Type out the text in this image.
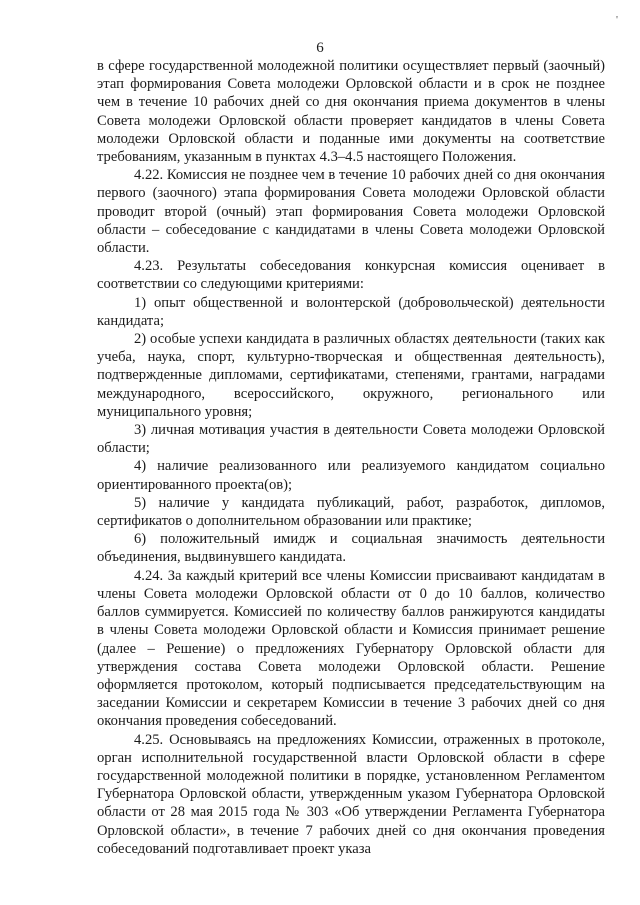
'
6

в сфере государственной молодежной политики осуществляет первый (заочный) этап формирования Совета молодежи Орловской области и в срок не позднее чем в течение 10 рабочих дней со дня окончания приема документов в члены Совета молодежи Орловской области проверяет кандидатов в члены Совета молодежи Орловской области и поданные ими документы на соответствие требованиям, указанным в пунктах 4.3–4.5 настоящего Положения.

4.22. Комиссия не позднее чем в течение 10 рабочих дней со дня окончания первого (заочного) этапа формирования Совета молодежи Орловской области проводит второй (очный) этап формирования Совета молодежи Орловской области – собеседование с кандидатами в члены Совета молодежи Орловской области.

4.23. Результаты собеседования конкурсная комиссия оценивает в соответствии со следующими критериями:

1) опыт общественной и волонтерской (добровольческой) деятельности кандидата;

2) особые успехи кандидата в различных областях деятельности (таких как учеба, наука, спорт, культурно-творческая и общественная деятельность), подтвержденные дипломами, сертификатами, степенями, грантами, наградами международного, всероссийского, окружного, регионального или муниципального уровня;

3) личная мотивация участия в деятельности Совета молодежи Орловской области;

4) наличие реализованного или реализуемого кандидатом социально ориентированного проекта(ов);

5) наличие у кандидата публикаций, работ, разработок, дипломов, сертификатов о дополнительном образовании или практике;

6) положительный имидж и социальная значимость деятельности объединения, выдвинувшего кандидата.

4.24. За каждый критерий все члены Комиссии присваивают кандидатам в члены Совета молодежи Орловской области от 0 до 10 баллов, количество баллов суммируется. Комиссией по количеству баллов ранжируются кандидаты в члены Совета молодежи Орловской области и Комиссия принимает решение (далее – Решение) о предложениях Губернатору Орловской области для утверждения состава Совета молодежи Орловской области. Решение оформляется протоколом, который подписывается председательствующим на заседании Комиссии и секретарем Комиссии в течение 3 рабочих дней со дня окончания проведения собеседований.

4.25. Основываясь на предложениях Комиссии, отраженных в протоколе, орган исполнительной государственной власти Орловской области в сфере государственной молодежной политики в порядке, установленном Регламентом Губернатора Орловской области, утвержденным указом Губернатора Орловской области от 28 мая 2015 года № 303 «Об утверждении Регламента Губернатора Орловской области», в течение 7 рабочих дней со дня окончания проведения собеседований подготавливает проект указа
